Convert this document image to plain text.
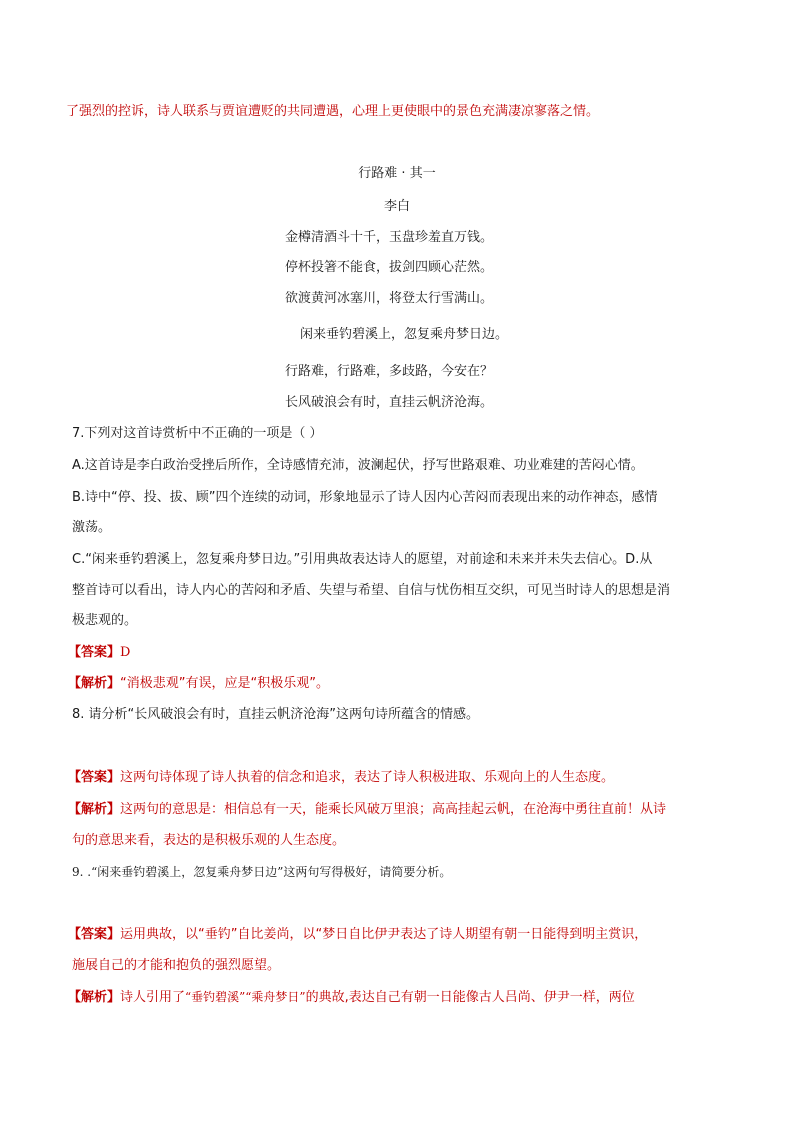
了强烈的控诉，诗人联系与贾谊遭贬的共同遭遇，心理上更使眼中的景色充满凄凉寥落之情。
行路难 · 其一
李白
金樽清酒斗十千，玉盘珍羞直万钱。
停杯投箸不能食，拔剑四顾心茫然。
欲渡黄河冰塞川，将登太行雪满山。
闲来垂钓碧溪上，忽复乘舟梦日边。
行路难，行路难，多歧路，今安在？
长风破浪会有时，直挂云帆济沧海。
7.下列对这首诗赏析中不正确的一项是（ ）
A.这首诗是李白政治受挫后所作，全诗感情充沛，波澜起伏，抒写世路艰难、功业难建的苦闷心情。
B.诗中“停、投、拔、顾”四个连续的动词，形象地显示了诗人因内心苦闷而表现出来的动作神态，感情
激荡。
C.“闲来垂钓碧溪上，忽复乘舟梦日边。”引用典故表达诗人的愿望，对前途和未来并未失去信心。D.从
整首诗可以看出，诗人内心的苦闷和矛盾、失望与希望、自信与忧伤相互交织，可见当时诗人的思想是消
极悲观的。
【答案】D
【解析】“消极悲观”有误，应是“积极乐观”。
8. 请分析“长风破浪会有时，直挂云帆济沧海”这两句诗所蕴含的情感。
【答案】这两句诗体现了诗人执着的信念和追求，表达了诗人积极进取、乐观向上的人生态度。
【解析】这两句的意思是：相信总有一天，能乘长风破万里浪；高高挂起云帆，在沧海中勇往直前！从诗
句的意思来看，表达的是积极乐观的人生态度。
9. .“闲来垂钓碧溪上，忽复乘舟梦日边”这两句写得极好，请简要分析。
【答案】运用典故，以“垂钓”自比姜尚，以“梦日自比伊尹表达了诗人期望有朝一日能得到明主赏识，
施展自己的才能和抱负的强烈愿望。
【解析】诗人引用了“垂钓碧溪”“乘舟梦日”的典故,表达自己有朝一日能像古人吕尚、伊尹一样，两位
